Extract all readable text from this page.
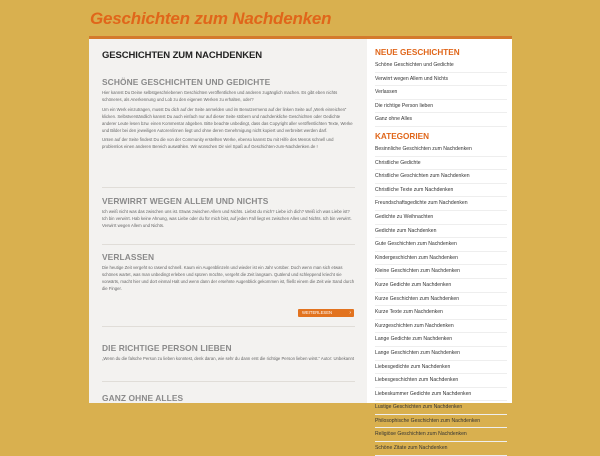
Geschichten zum Nachdenken
GESCHICHTEN ZUM NACHDENKEN
SCHÖNE GESCHICHTEN UND GEDICHTE

Hier kannst Du Deine selbstgeschriebenen Geschichten veröffentlichen und anderen zugänglich machen. Es gibt eben nichts schöneres, als Anerkennung und Lob zu den eigenen Werken zu erhalten, oder?

Um ein Werk einzutragen, musst Du dich auf der Seite anmelden und im Benutzermenü auf der linken Seite auf „Werk einreichen“ klicken. Selbstverständlich kannst Du auch einfach nur auf dieser Seite stöbern und nachdenkliche Geschichten oder Gedichte anderer Leute lesen bzw. einen Kommentar abgeben. Bitte beachte unbedingt, dass das Copyright aller veröffentlichten Texte, Werke und Bilder bei den jeweiligen Autoren/innen liegt und ohne deren Genehmigung nicht kopiert und verbreitet werden darf.

Unten auf der Seite findest Du die von der Community erstellten Werke, ebenso kannst Du mit Hilfe des Menüs schnell und problemlos einen anderen Bereich auswählen. Wir wünschen Dir viel Spaß auf Geschichten-zum-Nachdenken.de !

VERWIRRT WEGEN ALLEM UND NICHTS

Ich weiß nicht was das zwischen uns ist. Etwas zwischen Allem und Nichts. Liebst du mich? Liebe ich dich? Weiß ich was Liebe ist? Ich bin verwirrt. Hab keine Ahnung, was Liebe oder du für mich bist, auf jeden Fall liegt es zwischen Alles und Nichts. Ich bin verwirrt. Verwirrt wegen Allem und Nichts.

VERLASSEN

Die heutige Zeit vergeht so rasend schnell. Kaum ein Augenblinzeln und wieder ist ein Jahr vorüber. Doch wenn man sich etwas schönes wartet, was man unbedingt erleben und spüren möchte, vergeht die Zeit langsam. Quälend und schleppend kriecht sie vorwärts, macht hier und dort einmal Halt und wenn dann der ersehnte Augenblick gekommen ist, fließt einem die Zeit wie Sand durch die Finger.

WEITERLESEN	›
DIE RICHTIGE PERSON LIEBEN

„Wenn du die falsche Person zu lieben konntest, denk daran, wie sehr du dann erst die richtige Person lieben wirst.“ Autor: Unbekannt

GANZ OHNE ALLES
NEUE GESCHICHTEN
Schöne Geschichten und Gedichte
Verwirrt wegen Allem und Nichts
Verlassen
Die richtige Person lieben
Ganz ohne Alles
KATEGORIEN
Besinnliche Geschichten zum Nachdenken
Christliche Gedichte
Christliche Geschichten zum Nachdenken
Christliche Texte zum Nachdenken
Freundschaftsgedichte zum Nachdenken
Gedichte zu Weihnachten
Gedichte zum Nachdenken
Gute Geschichten zum Nachdenken
Kindergeschichten zum Nachdenken
Kleine Geschichten zum Nachdenken
Kurze Gedichte zum Nachdenken
Kurze Geschichten zum Nachdenken
Kurze Texte zum Nachdenken
Kurzgeschichten zum Nachdenken
Lange Gedichte zum Nachdenken
Lange Geschichten zum Nachdenken
Liebesgedichte zum Nachdenken
Liebesgeschichten zum Nachdenken
Liebeskummer Gedichte zum Nachdenken
Lustige Geschichten zum Nachdenken
Philosophische Geschichten zum Nachdenken
Religiöse Geschichten zum Nachdenken
Schöne Zitate zum Nachdenken
